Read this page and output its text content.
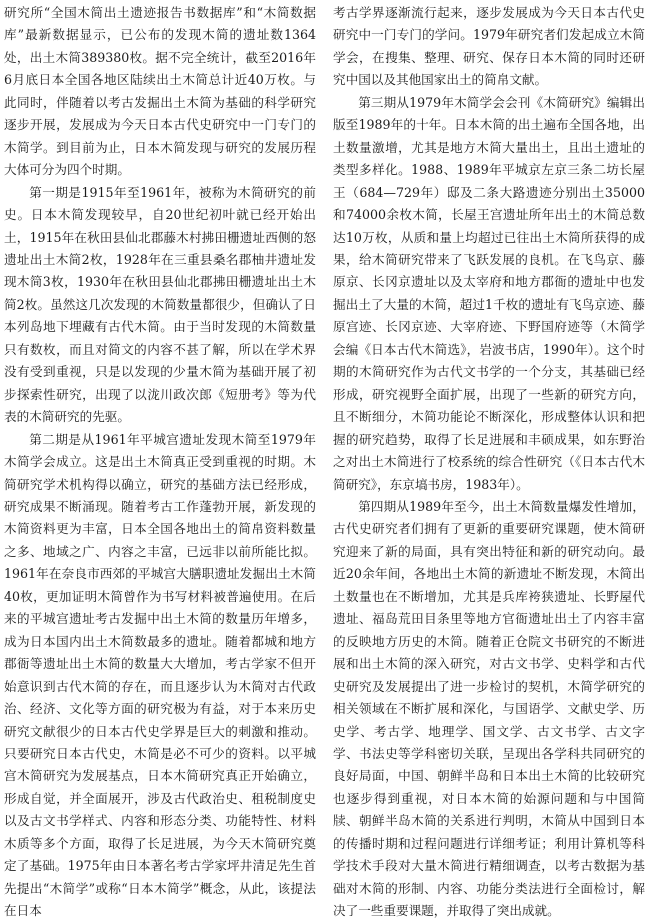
研究所“全国木简出土遗迹报告书数据库”和“木简数据库”最新数据显示，已公布的发现木简的遗址数1364处，出土木简389380枚。据不完全统计，截至2016年6月底日本全国各地区陆续出土木简总计近40万枚。与此同时，伴随着以考古发掘出土木简为基础的科学研究逐步开展，发展成为今天日本古代史研究中一门专门的木简学。到目前为止，日本木简发现与研究的发展历程大体可分为四个时期。

第一期是1915年至1961年，被称为木简研究的前史。日本木简发现较早，自20世纪初叶就已经开始出土，1915年在秋田县仙北郡藤木村拂田栅遗址西侧的怒遗址出土木简2枚，1928年在三重县桑名郡柚井遗址发现木简3枚，1930年在秋田县仙北郡拂田栅遗址出土木简2枚。虽然这几次发现的木简数量都很少，但确认了日本列岛地下埋藏有古代木简。由于当时发现的木简数量只有数枚，而且对简文的内容不甚了解，所以在学术界没有受到重视，只是以发现的少量木简为基础开展了初步探索性研究，出现了以泷川政次郎《短册考》等为代表的木简研究的先驱。

第二期是从1961年平城宫遗址发现木简至1979年木简学会成立。这是出土木简真正受到重视的时期。木简研究学术机构得以确立，研究的基础方法已经形成，研究成果不断涌现。随着考古工作蓬勃开展，新发现的木简资料更为丰富，日本全国各地出土的简帛资料数量之多、地域之广、内容之丰富，已远非以前所能比拟。1961年在奈良市西郊的平城宫大膳职遗址发掘出土木简40枚，更加证明木简曾作为书写材料被普遍使用。在后来的平城宫遗址考古发掘中出土木简的数量历年增多，成为日本国内出土木简数最多的遗址。随着都城和地方郡衙等遗址出土木简的数量大大增加，考古学家不但开始意识到古代木简的存在，而且逐步认为木简对古代政治、经济、文化等方面的研究极为有益，对于本来历史研究文献很少的日本古代史学界是巨大的刺激和推动。只要研究日本古代史，木简是必不可少的资料。以平城宫木简研究为发展基点，日本木简研究真正开始确立，形成自觉，并全面展开，涉及古代政治史、租税制度史以及古文书学样式、内容和形态分类、功能特性、材料木质等多个方面，取得了长足进展，为今天木简研究奠定了基础。1975年由日本著名考古学家坪井清足先生首先提出“木简学”或称“日本木简学”概念，从此，该提法在日本

考古学界逐渐流行起来，逐步发展成为今天日本古代史研究中一门专门的学问。1979年研究者们发起成立木简学会，在搜集、整理、研究、保存日本木简的同时还研究中国以及其他国家出土的简帛文献。

第三期从1979年木简学会会刊《木简研究》编辑出版至1989年的十年。日本木简的出土遍布全国各地，出土数量激增，尤其是地方木简大量出土，且出土遗址的类型多样化。1988、1989年平城京左京三条二坊长屋王（684—729年）邸及二条大路遗迹分别出土35000和74000余枚木简，长屋王宫遗址所年出土的木简总数达10万枚，从质和量上均超过已往出土木简所获得的成果，给木简研究带来了飞跃发展的良机。在飞鸟京、藤原京、长冈京遗址以及太宰府和地方郡衙的遗址中也发掘出土了大量的木简，超过1千枚的遗址有飞鸟京迹、藤原宫迹、长冈京迹、大宰府迹、下野国府迹等（木简学会编《日本古代木简选》，岩波书店，1990年）。这个时期的木简研究作为古代文书学的一个分支，其基础已经形成，研究视野全面扩展，出现了一些新的研究方向，且不断细分，木简功能论不断深化，形成整体认识和把握的研究趋势，取得了长足进展和丰硕成果，如东野治之对出土木简进行了校系统的综合性研究（《日本古代木简研究》，东京塙书房，1983年）。

第四期从1989年至今，出土木简数量爆发性增加，古代史研究者们拥有了更新的重要研究课题，使木简研究迎来了新的局面，具有突出特征和新的研究动向。最近20余年间，各地出土木简的新遗址不断发现，木简出土数量也在不断增加，尤其是兵库袴狭遗址、长野屋代遗址、福岛荒田目条里等地方官衙遗址出土了内容丰富的反映地方历史的木简。随着正仓院文书研究的不断进展和出土木简的深入研究，对古文书学、史料学和古代史研究及发展提出了进一步检讨的契机，木简学研究的相关领域在不断扩展和深化，与国语学、文献史学、历史学、考古学、地理学、国文学、古文书学、古文字学、书法史等学科密切关联，呈现出各学科共同研究的良好局面，中国、朝鲜半岛和日本出土木简的比较研究也逐步得到重视，对日本木简的始源问题和与中国简牍、朝鲜半岛木简的关系进行判明，木简从中国到日本的传播时期和过程问题进行详细考证；利用计算机等科学技术手段对大量木简进行精细调查，以考古数据为基础对木简的形制、内容、功能分类法进行全面检讨，解决了一些重要课题，并取得了突出成就。
